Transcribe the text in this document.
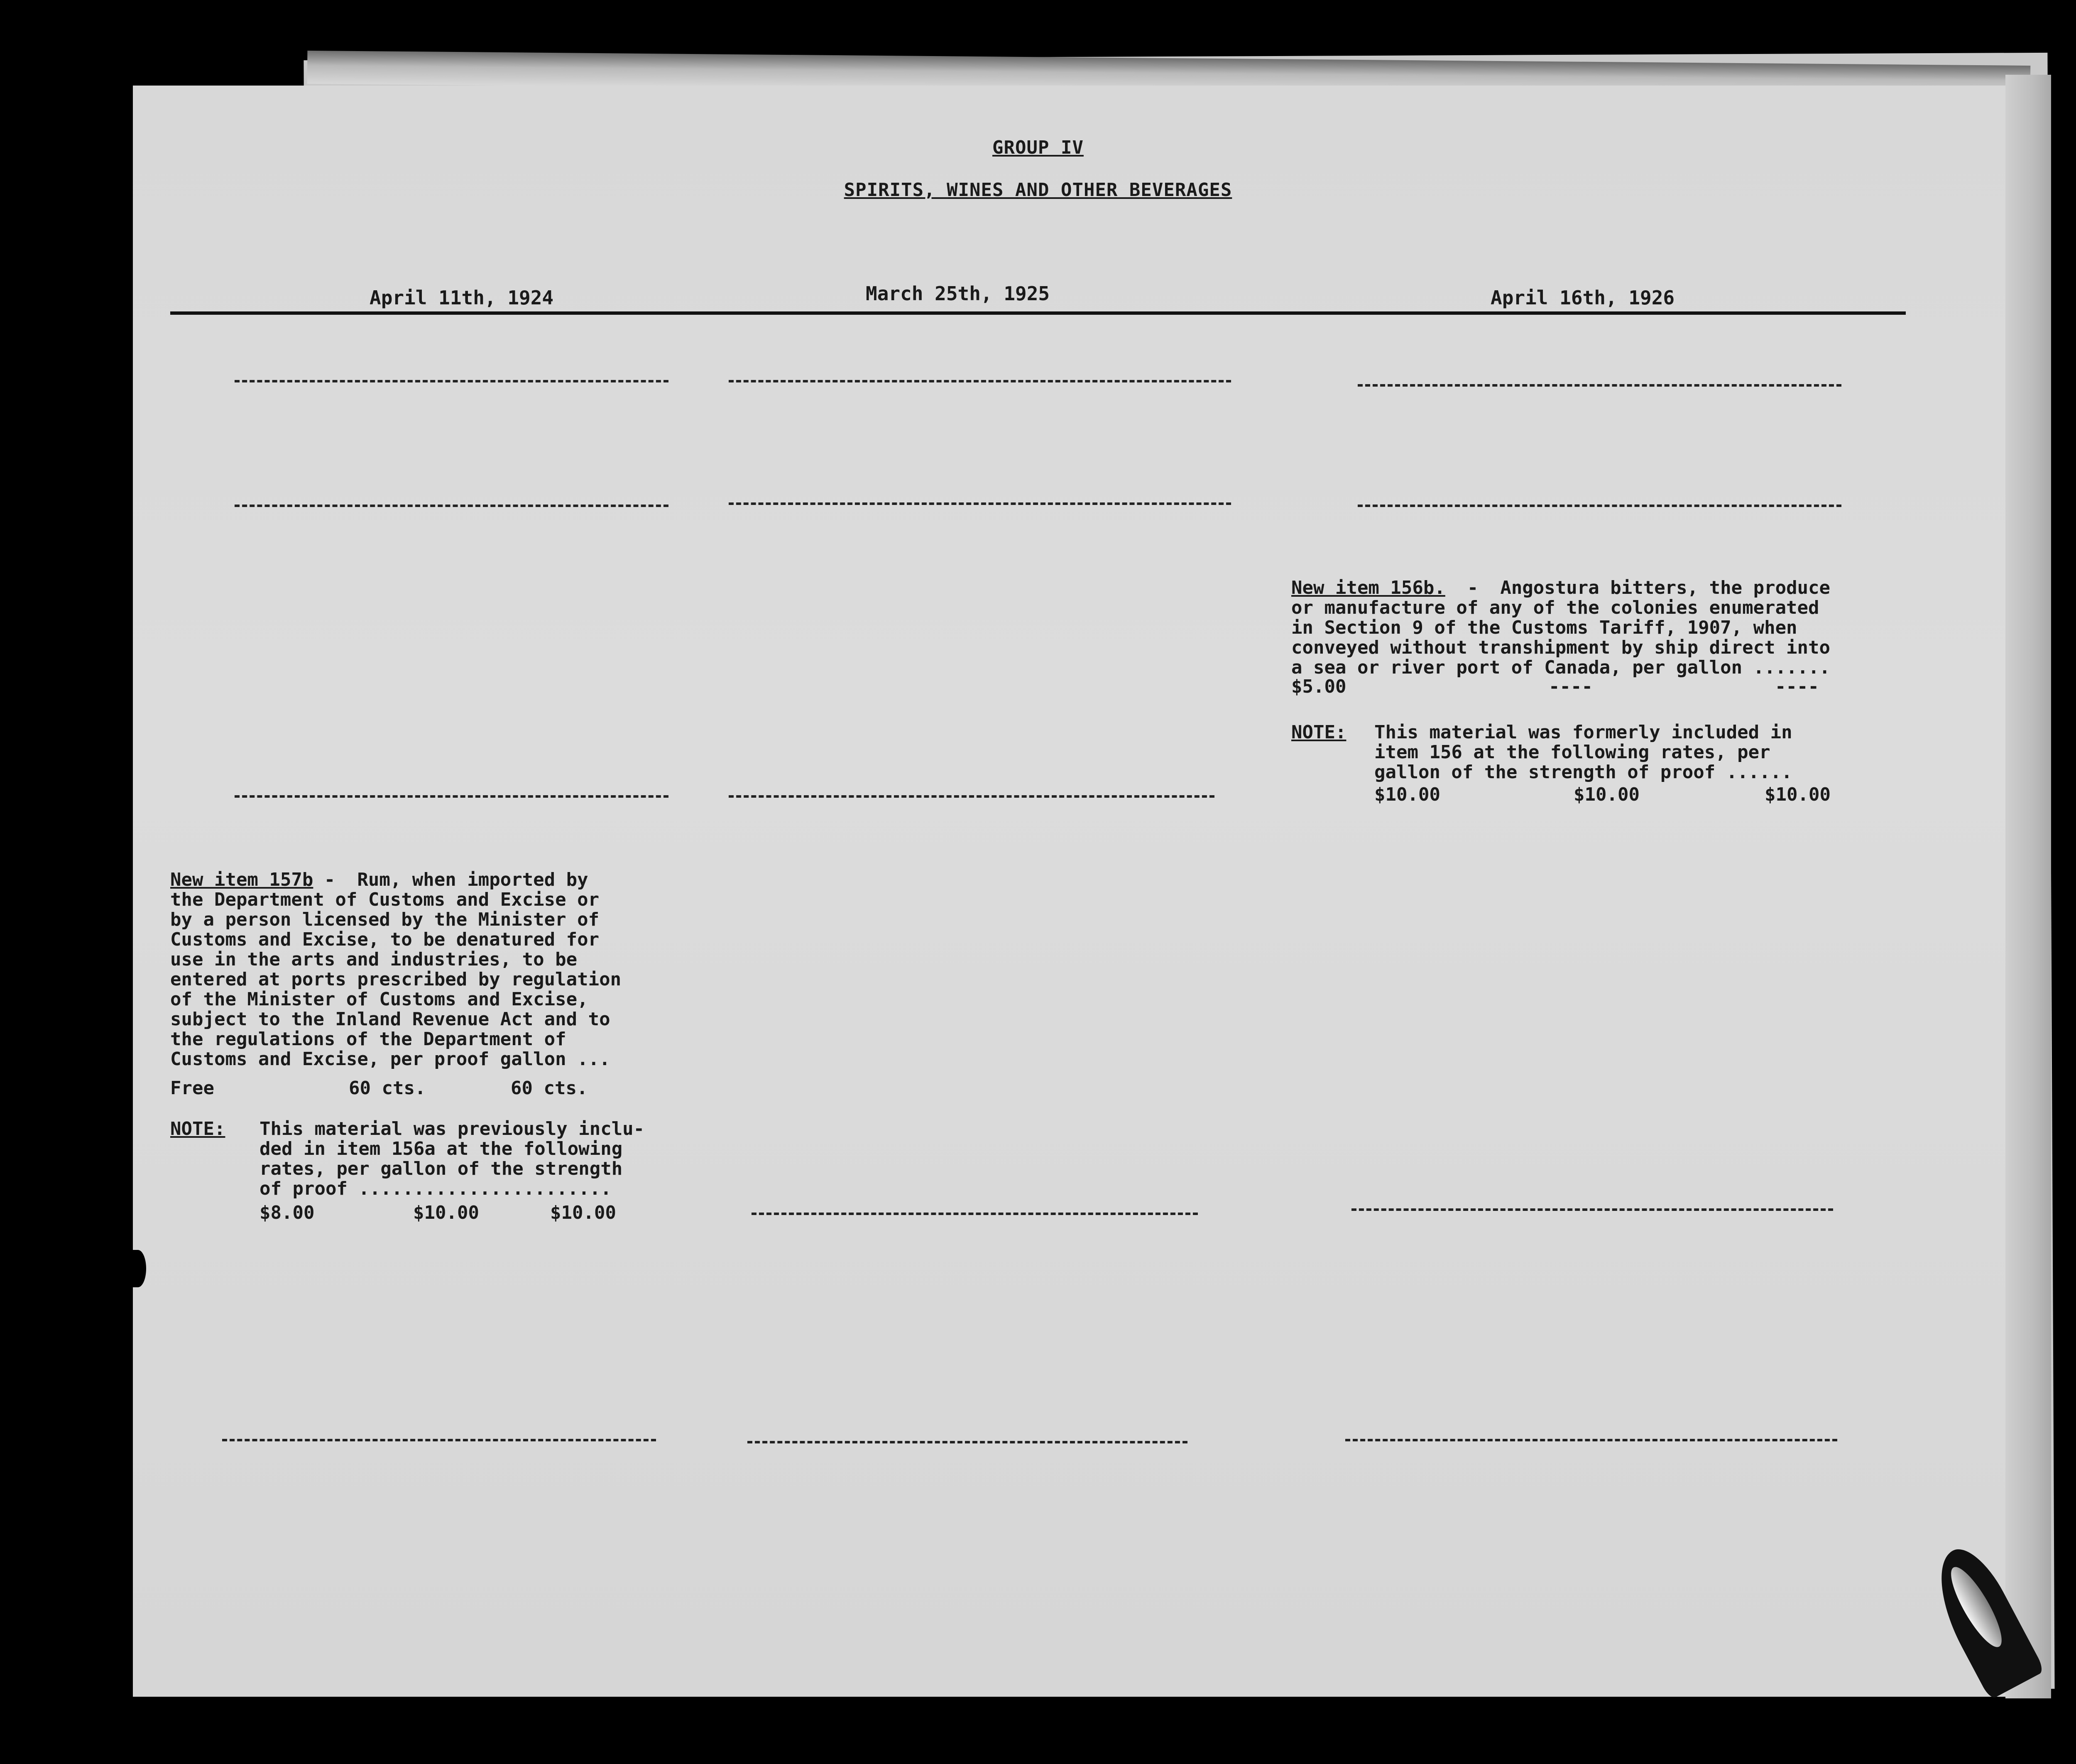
GROUP IV
SPIRITS, WINES AND OTHER BEVERAGES
April 11th, 1924	March 25th, 1925	April 16th, 1926
New item 156b.  -  Angostura bitters, the produce
or manufacture of any of the colonies enumerated
in Section 9 of the Customs Tariff, 1907, when
conveyed without transhipment by ship direct into
a sea or river port of Canada, per gallon .......
$5.00	----	----
NOTE: This material was formerly included in
item 156 at the following rates, per
gallon of the strength of proof ......
$10.00	$10.00	$10.00
New item 157b -  Rum, when imported by
the Department of Customs and Excise or
by a person licensed by the Minister of
Customs and Excise, to be denatured for
use in the arts and industries, to be
entered at ports prescribed by regulation
of the Minister of Customs and Excise,
subject to the Inland Revenue Act and to
the regulations of the Department of
Customs and Excise, per proof gallon ...
Free	60 cts.	60 cts.
NOTE: This material was previously inclu-
ded in item 156a at the following
rates, per gallon of the strength
of proof .......................
$8.00	$10.00	$10.00
